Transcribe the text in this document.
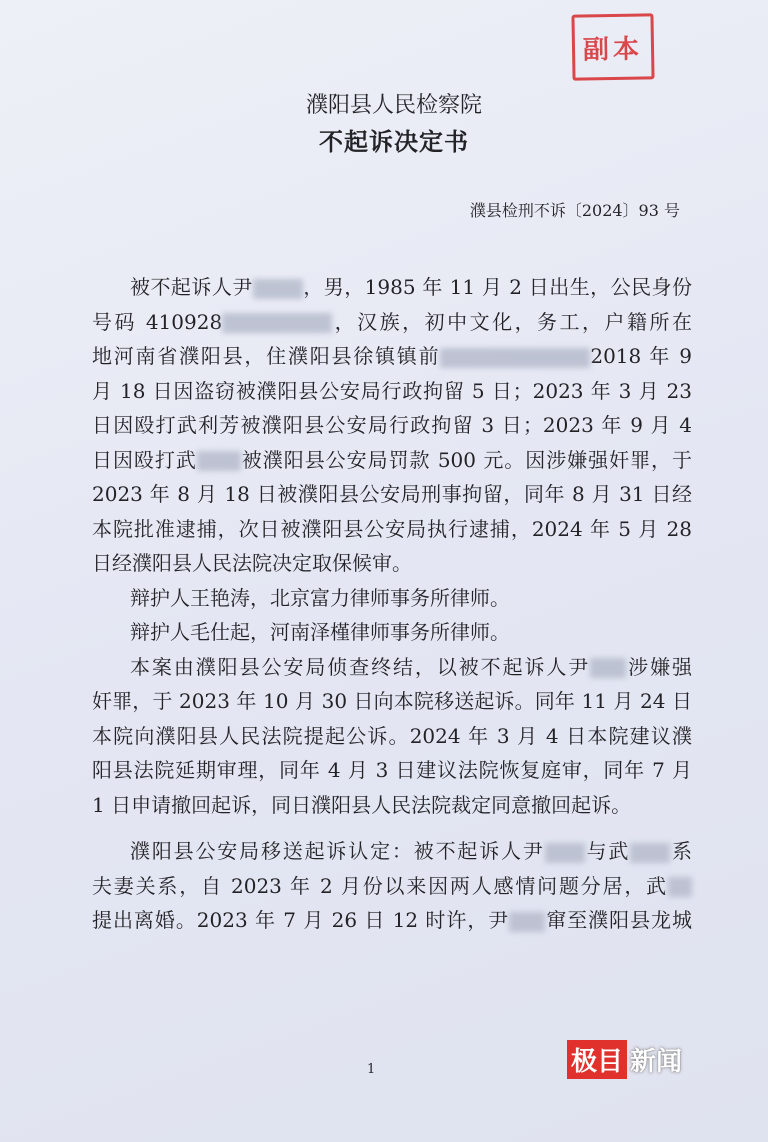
副本
濮阳县人民检察院
不起诉决定书
濮县检刑不诉〔2024〕93 号
被不起诉人尹	，男，1985 年 11 月 2 日出生，公民身份
号码 410928	，汉族，初中文化，务工，户籍所在
地河南省濮阳县，住濮阳县徐镇镇前	2018 年 9
月 18 日因盗窃被濮阳县公安局行政拘留 5 日；2023 年 3 月 23
日因殴打武利芳被濮阳县公安局行政拘留 3 日；2023 年 9 月 4
日因殴打武 被濮阳县公安局罚款 500 元。因涉嫌强奸罪，于
2023 年 8 月 18 日被濮阳县公安局刑事拘留，同年 8 月 31 日经
本院批准逮捕，次日被濮阳县公安局执行逮捕，2024 年 5 月 28
日经濮阳县人民法院决定取保候审。
辩护人王艳涛，北京富力律师事务所律师。
辩护人毛仕起，河南泽槿律师事务所律师。
本案由濮阳县公安局侦查终结，以被不起诉人尹 涉嫌强
奸罪，于 2023 年 10 月 30 日向本院移送起诉。同年 11 月 24 日
本院向濮阳县人民法院提起公诉。2024 年 3 月 4 日本院建议濮
阳县法院延期审理，同年 4 月 3 日建议法院恢复庭审，同年 7 月
1 日申请撤回起诉，同日濮阳县人民法院裁定同意撤回起诉。
濮阳县公安局移送起诉认定：被不起诉人尹 与武 系
夫妻关系，自 2023 年 2 月份以来因两人感情问题分居，武
提出离婚。2023 年 7 月 26 日 12 时许，尹 窜至濮阳县龙城
1	极目 新闻
